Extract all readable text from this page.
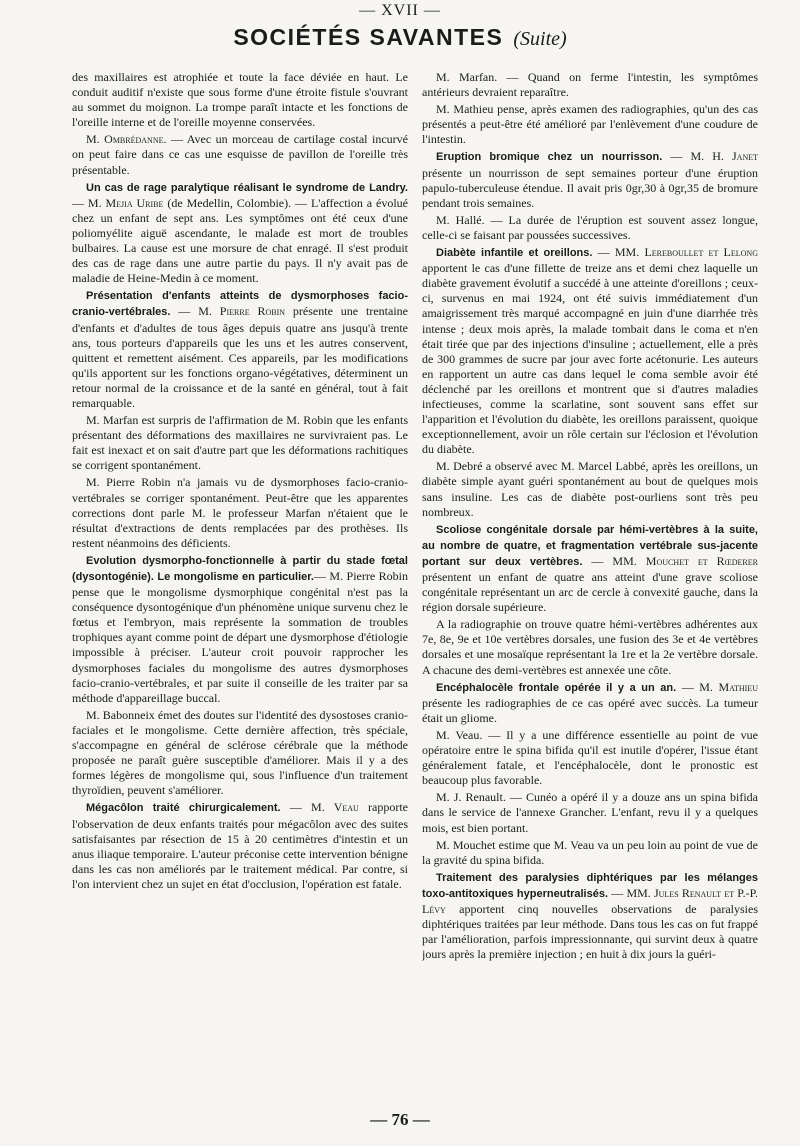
— XVII —
SOCIÉTÉS SAVANTES (Suite)

des maxillaires est atrophiée et toute la face déviée en haut. Le conduit auditif n'existe que sous forme d'une étroite fistule s'ouvrant au sommet du moignon. La trompe paraît intacte et les fonctions de l'oreille interne et de l'oreille moyenne conservées.

M. Ombrédanne. — Avec un morceau de cartilage costal incurvé on peut faire dans ce cas une esquisse de pavillon de l'oreille très présentable.

Un cas de rage paralytique réalisant le syndrome de Landry. — M. Mejia Uribe (de Medellin, Colombie). — L'affection a évolué chez un enfant de sept ans. Les symptômes ont été ceux d'une poliomyélite aiguë ascendante, le malade est mort de troubles bulbaires. La cause est une morsure de chat enragé. Il s'est produit des cas de rage dans une autre partie du pays. Il n'y avait pas de maladie de Heine-Medin à ce moment.

Présentation d'enfants atteints de dysmorphoses facio-cranio-vertébrales. — M. Pierre Robin présente une trentaine d'enfants et d'adultes de tous âges depuis quatre ans jusqu'à trente ans, tous porteurs d'appareils que les uns et les autres conservent, quittent et remettent aisément. Ces appareils, par les modifications qu'ils apportent sur les fonctions organo-végétatives, déterminent un retour normal de la croissance et de la santé en général, tout à fait remarquable.

M. Marfan est surpris de l'affirmation de M. Robin que les enfants présentant des déformations des maxillaires ne survivraient pas. Le fait est inexact et on sait d'autre part que les déformations rachitiques se corrigent spontanément.

M. Pierre Robin n'a jamais vu de dysmorphoses facio-cranio-vertébrales se corriger spontanément. Peut-être que les apparentes corrections dont parle M. le professeur Marfan n'étaient que le résultat d'extractions de dents remplacées par des prothèses. Ils restent néanmoins des déficients.

Evolution dysmorpho-fonctionnelle à partir du stade fœtal (dysontogénie). Le mongolisme en particulier.— M. Pierre Robin pense que le mongolisme dysmorphique congénital n'est pas la conséquence dysontogénique d'un phénomène unique survenu chez le fœtus et l'embryon, mais représente la sommation de troubles trophiques ayant comme point de départ une dysmorphose d'étiologie impossible à préciser. L'auteur croit pouvoir rapprocher les dysmorphoses faciales du mongolisme des autres dysmorphoses facio-cranio-vertébrales, et par suite il conseille de les traiter par sa méthode d'appareillage buccal.

M. Babonneix émet des doutes sur l'identité des dysostoses cranio-faciales et le mongolisme. Cette dernière affection, très spéciale, s'accompagne en général de sclérose cérébrale que la méthode proposée ne paraît guère susceptible d'améliorer. Mais il y a des formes légères de mongolisme qui, sous l'influence d'un traitement thyroïdien, peuvent s'améliorer.

Mégacôlon traité chirurgicalement. — M. Veau rapporte l'observation de deux enfants traités pour mégacôlon avec des suites satisfaisantes par résection de 15 à 20 centimètres d'intestin et un anus iliaque temporaire. L'auteur préconise cette intervention bénigne dans les cas non améliorés par le traitement médical. Par contre, si l'on intervient chez un sujet en état d'occlusion, l'opération est fatale.

M. Marfan. — Quand on ferme l'intestin, les symptômes antérieurs devraient reparaître.

M. Mathieu pense, après examen des radiographies, qu'un des cas présentés a peut-être été amélioré par l'enlèvement d'une coudure de l'intestin.

Eruption bromique chez un nourrisson. — M. H. Janet présente un nourrisson de sept semaines porteur d'une éruption papulo-tuberculeuse étendue. Il avait pris 0gr,30 à 0gr,35 de bromure pendant trois semaines.

M. Hallé. — La durée de l'éruption est souvent assez longue, celle-ci se faisant par poussées successives.

Diabète infantile et oreillons. — MM. Lereboullet et Lelong apportent le cas d'une fillette de treize ans et demi chez laquelle un diabète gravement évolutif a succédé à une atteinte d'oreillons ; ceux-ci, survenus en mai 1924, ont été suivis immédiatement d'un amaigrissement très marqué accompagné en juin d'une diarrhée très intense ; deux mois après, la malade tombait dans le coma et n'en était tirée que par des injections d'insuline ; actuellement, elle a près de 300 grammes de sucre par jour avec forte acétonurie. Les auteurs en rapportent un autre cas dans lequel le coma semble avoir été déclenché par les oreillons et montrent que si d'autres maladies infectieuses, comme la scarlatine, sont souvent sans effet sur l'apparition et l'évolution du diabète, les oreillons paraissent, quoique exceptionnellement, avoir un rôle certain sur l'éclosion et l'évolution du diabète.

M. Debré a observé avec M. Marcel Labbé, après les oreillons, un diabète simple ayant guéri spontanément au bout de quelques mois sans insuline. Les cas de diabète post-ourliens sont très peu nombreux.

Scoliose congénitale dorsale par hémi-vertèbres à la suite, au nombre de quatre, et fragmentation vertébrale sus-jacente portant sur deux vertèbres. — MM. Mouchet et Rœderer présentent un enfant de quatre ans atteint d'une grave scoliose congénitale représentant un arc de cercle à convexité gauche, dans la région dorsale supérieure.

A la radiographie on trouve quatre hémi-vertèbres adhérentes aux 7e, 8e, 9e et 10e vertèbres dorsales, une fusion des 3e et 4e vertèbres dorsales et une mosaïque représentant la 1re et la 2e vertèbre dorsale. A chacune des demi-vertèbres est annexée une côte.

Encéphalocèle frontale opérée il y a un an. — M. Mathieu présente les radiographies de ce cas opéré avec succès. La tumeur était un gliome.

M. Veau. — Il y a une différence essentielle au point de vue opératoire entre le spina bifida qu'il est inutile d'opérer, l'issue étant généralement fatale, et l'encéphalocèle, dont le pronostic est beaucoup plus favorable.

M. J. Renault. — Cunéo a opéré il y a douze ans un spina bifida dans le service de l'annexe Grancher. L'enfant, revu il y a quelques mois, est bien portant.

M. Mouchet estime que M. Veau va un peu loin au point de vue de la gravité du spina bifida.

Traitement des paralysies diphtériques par les mélanges toxo-antitoxiques hyperneutralisés. — MM. Jules Renault et P.-P. Lévy apportent cinq nouvelles observations de paralysies diphtériques traitées par leur méthode. Dans tous les cas on fut frappé par l'amélioration, parfois impressionnante, qui survint deux à quatre jours après la première injection ; en huit à dix jours la guéri-

— 76 —
